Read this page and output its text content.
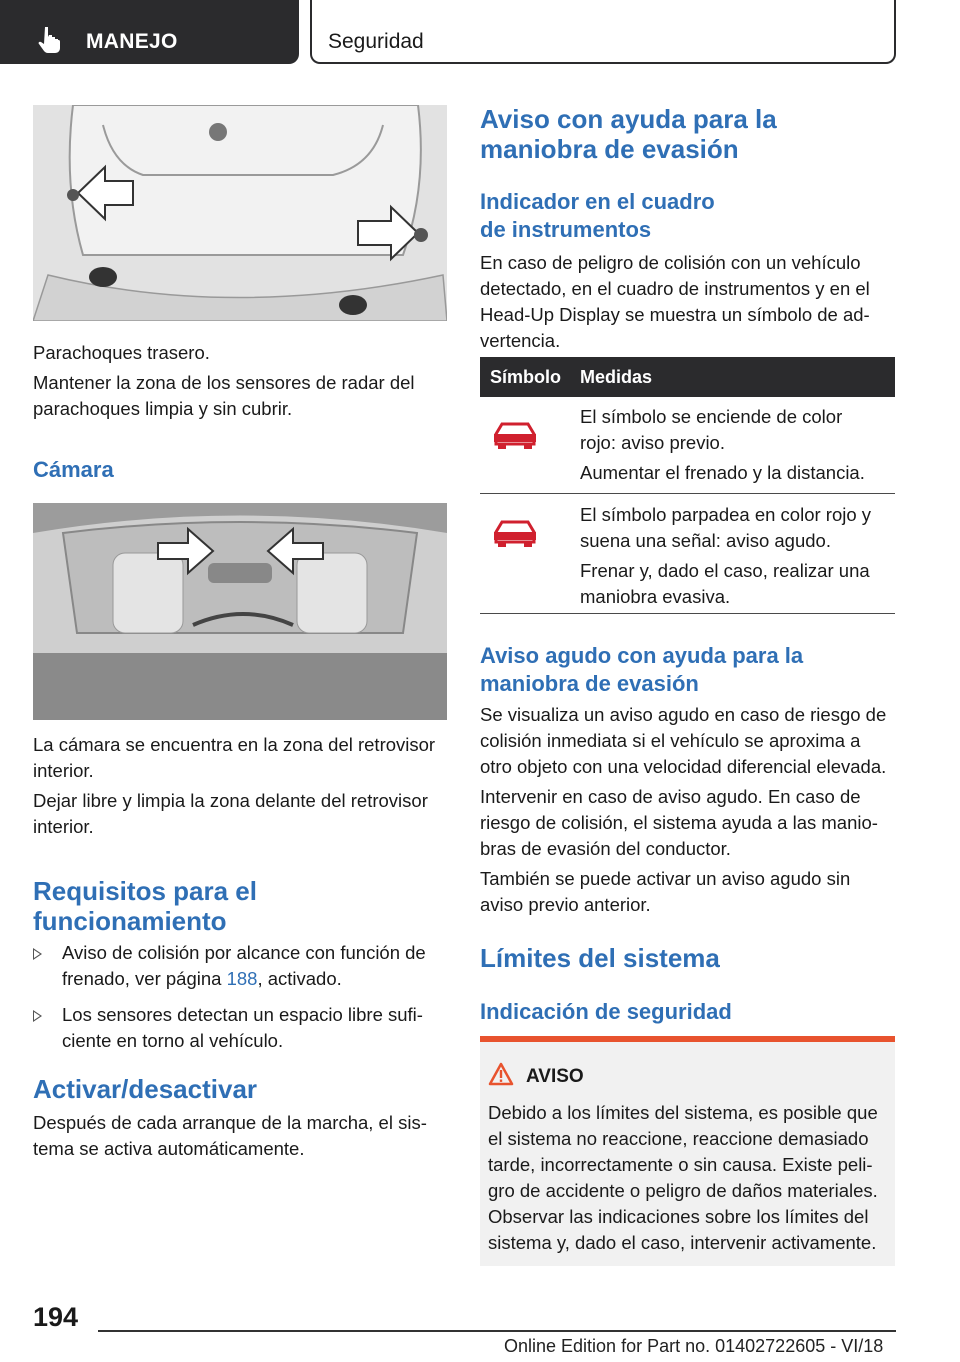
MANEJO	Seguridad

Parachoques trasero.

Mantener la zona de los sensores de radar del parachoques limpia y sin cubrir.

Cámara

La cámara se encuentra en la zona del retrovisor interior.

Dejar libre y limpia la zona delante del retrovisor interior.

Requisitos para el
funcionamiento
Aviso de colisión por alcance con función de frenado, ver página 188, activado.
Los sensores detectan un espacio libre sufi‐ ciente en torno al vehículo.
Activar/desactivar

Después de cada arranque de la marcha, el sis‐ tema se activa automáticamente.

Aviso con ayuda para la
maniobra de evasión
Indicador en el cuadro
de instrumentos

En caso de peligro de colisión con un vehículo detectado, en el cuadro de instrumentos y en el Head-Up Display se muestra un símbolo de ad‐ vertencia.

Símbolo Medidas

El símbolo se enciende de color rojo: aviso previo.

Aumentar el frenado y la distancia.

El símbolo parpadea en color rojo y suena una señal: aviso agudo.

Frenar y, dado el caso, realizar una maniobra evasiva.

Aviso agudo con ayuda para la
maniobra de evasión

Se visualiza un aviso agudo en caso de riesgo de colisión inmediata si el vehículo se aproxima a otro objeto con una velocidad diferencial elevada.

Intervenir en caso de aviso agudo. En caso de riesgo de colisión, el sistema ayuda a las manio‐ bras de evasión del conductor.

También se puede activar un aviso agudo sin aviso previo anterior.

Límites del sistema
Indicación de seguridad
AVISO

Debido a los límites del sistema, es posible que el sistema no reaccione, reaccione demasiado tarde, incorrectamente o sin causa. Existe peli‐ gro de accidente o peligro de daños materiales. Observar las indicaciones sobre los límites del sistema y, dado el caso, intervenir activamente.

194
Online Edition for Part no. 01402722605 - VI/18
